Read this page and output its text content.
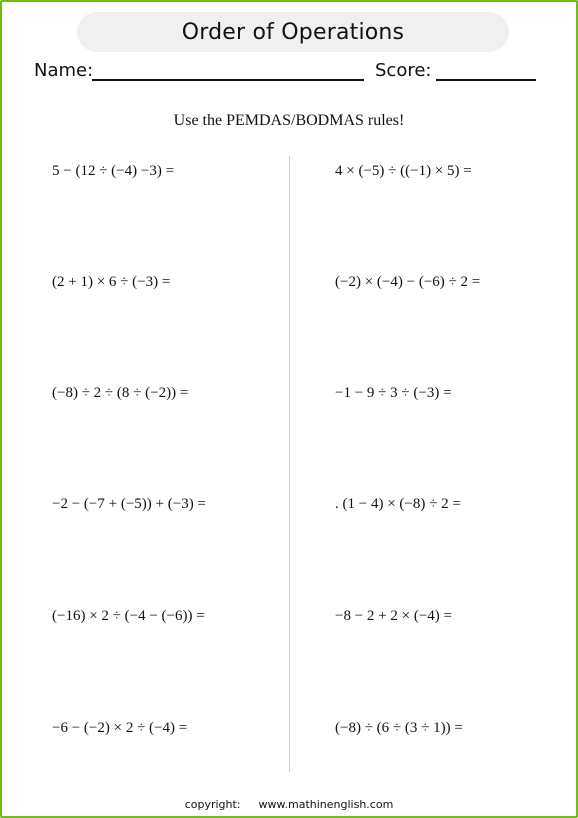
Order of Operations
Name:	Score:
Use the PEMDAS/BODMAS rules!
5 − (12 ÷ (−4) −3) =
(2 + 1) × 6 ÷ (−3) =
(−8) ÷ 2 ÷ (8 ÷ (−2)) =
−2 − (−7 + (−5)) + (−3) =
(−16) × 2 ÷ (−4 − (−6)) =
−6 − (−2) × 2 ÷ (−4) =
4 × (−5) ÷ ((−1) × 5) =
(−2) × (−4) − (−6) ÷ 2 =
−1 − 9 ÷ 3 ÷ (−3) =
. (1 − 4) × (−8) ÷ 2 =
−8 − 2 + 2 × (−4) =
(−8) ÷ (6 ÷ (3 ÷ 1)) =
copyright: www.mathinenglish.com
